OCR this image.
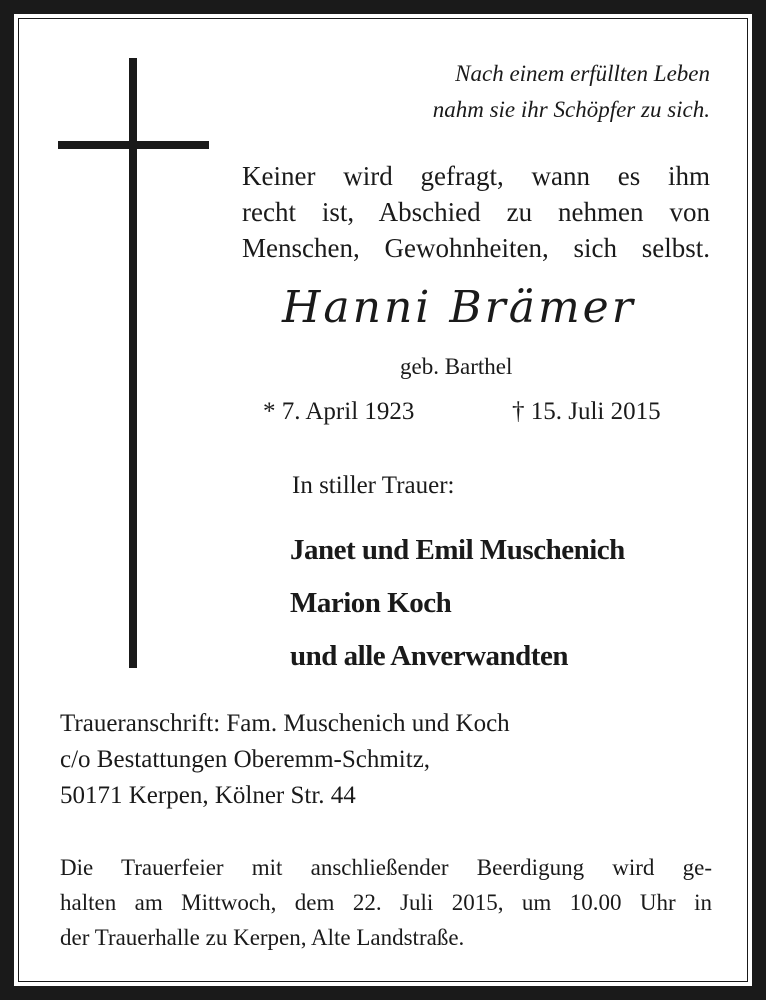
Nach einem erfüllten Leben
nahm sie ihr Schöpfer zu sich.
Keiner wird gefragt, wann es ihm
recht ist, Abschied zu nehmen von
Menschen, Gewohnheiten, sich selbst.
Hanni Brämer
geb. Barthel
* 7. April 1923	† 15. Juli 2015
In stiller Trauer:
Janet und Emil Muschenich
Marion Koch
und alle Anverwandten
Traueranschrift: Fam. Muschenich und Koch
c/o Bestattungen Oberemm-Schmitz,
50171 Kerpen, Kölner Str. 44
Die Trauerfeier mit anschließender Beerdigung wird ge-
halten am Mittwoch, dem 22. Juli 2015, um 10.00 Uhr in
der Trauerhalle zu Kerpen, Alte Landstraße.
